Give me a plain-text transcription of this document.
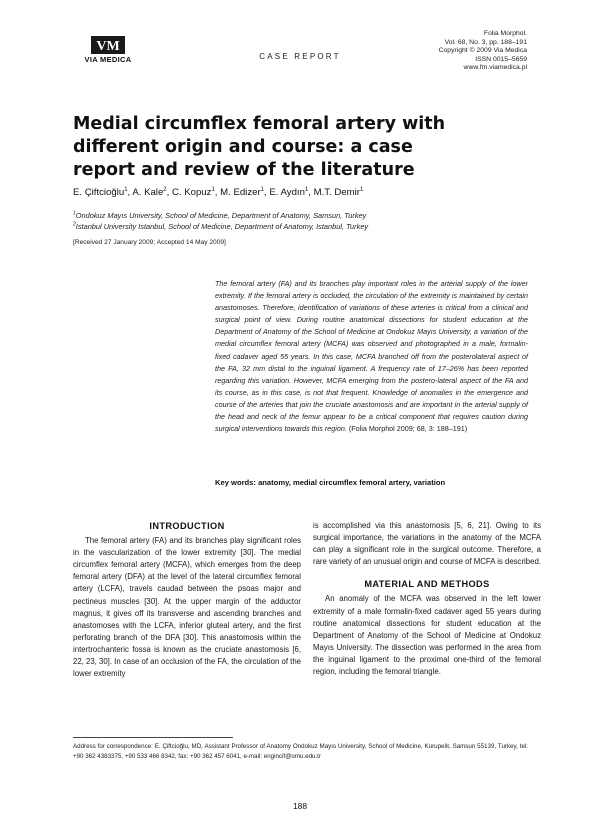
VM
VIA MEDICA	CASE REPORT
Folia Morphol.
Vol. 68, No. 3, pp. 188–191
Copyright © 2009 Via Medica
ISSN 0015–5659
www.fm.viamedica.pl
Medial circumflex femoral artery with different origin and course: a case report and review of the literature
E. Çiftcioğlu$^1$, A. Kale$^2$, C. Kopuz$^1$, M. Edizer$^1$, E. Aydın$^1$, M.T. Demir$^1$
$^1$Ondokuz Mayıs University, School of Medicine, Department of Anatomy, Samsun, Turkey
$^2$Istanbul University Istanbul, School of Medicine, Department of Anatomy, Istanbul, Turkey
[Received 27 January 2009; Accepted 14 May 2009]
The femoral artery (FA) and its branches play important roles in the arterial supply of the lower extremity. If the femoral artery is occluded, the circulation of the extremity is maintained by certain anastomoses. Therefore, identification of variations of these arteries is critical from a clinical and surgical point of view. During routine anatomical dissections for student education at the Department of Anatomy of the School of Medicine at Ondokuz Mayıs University, a variation of the medial circumflex femoral artery (MCFA) was observed and photographed in a male, formalin-fixed cadaver aged 55 years. In this case, MCFA branched off from the posterolateral aspect of the FA, 32 mm distal to the inguinal ligament. A frequency rate of 17–26% has been reported regarding this variation. However, MCFA emerging from the postero-lateral aspect of the FA and its course, as in this case, is not that frequent. Knowledge of anomalies in the emergence and course of the arteries that join the cruciate anastomosis and are important in the arterial supply of the head and neck of the femur appear to be a critical component that requires caution during surgical interventions towards this region. (Folia Morphol 2009; 68, 3: 188–191)
Key words: anatomy, medial circumflex femoral artery, variation
INTRODUCTION

The femoral artery (FA) and its branches play significant roles in the vascularization of the lower extremity [30]. The medial circumflex femoral artery (MCFA), which emerges from the deep femoral artery (DFA) at the level of the lateral circumflex femoral artery (LCFA), travels caudad between the psoas major and pectineus muscles [30]. At the upper margin of the adductor magnus, it gives off its transverse and ascending branches and anastomoses with the LCFA, inferior gluteal artery, and the first perforating branch of the DFA [30]. This anastomosis within the intertrochanteric fossa is known as the cruciate anastomosis [6, 22, 23, 30]. In case of an occlusion of the FA, the circulation of the lower extremity

is accomplished via this anastomosis [5, 6, 21]. Owing to its surgical importance, the variations in the anatomy of the MCFA can play a significant role in the surgical outcome. Therefore, a rare variety of an unusual origin and course of MCFA is described.

MATERIAL AND METHODS

An anomaly of the MCFA was observed in the left lower extremity of a male formalin-fixed cadaver aged 55 years during routine anatomical dissections for student education at the Department of Anatomy of the School of Medicine at Ondokuz Mayıs University. The dissection was performed in the area from the inguinal ligament to the proximal one-third of the femoral region, including the femoral triangle.

Address for correspondence: E. Çiftcioğlu, MD, Assistant Professor of Anatomy Ondokuz Mayıs University, School of Medicine, Kurupelit, Samsun 55139, Turkey, tel: +90 362 4383375, +90 533 466 8342, fax: +90 362 457 6041, e-mail: engincif@omu.edu.tr
188
